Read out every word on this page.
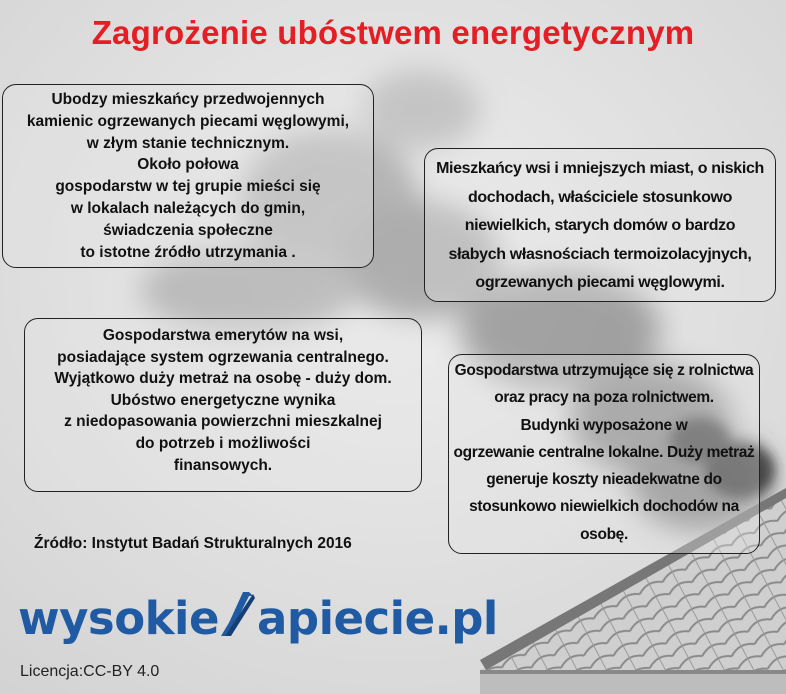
Zagrożenie ubóstwem energetycznym
Ubodzy mieszkańcy przedwojennych
kamienic ogrzewanych piecami węglowymi,
w złym stanie technicznym.
Około połowa
gospodarstw w tej grupie mieści się
w lokalach należących do gmin,
świadczenia społeczne
to istotne źródło utrzymania .
Mieszkańcy wsi i mniejszych miast, o niskich
dochodach, właściciele stosunkowo
niewielkich, starych domów o bardzo
słabych własnościach termoizolacyjnych,
ogrzewanych piecami węglowymi.
Gospodarstwa emerytów na wsi,
posiadające system ogrzewania centralnego.
Wyjątkowo duży metraż na osobę - duży dom.
Ubóstwo energetyczne wynika
z niedopasowania powierzchni mieszkalnej
do potrzeb i możliwości
finansowych.
Gospodarstwa utrzymujące się z rolnictwa
oraz pracy na poza rolnictwem.
Budynki wyposażone w
ogrzewanie centralne lokalne. Duży metraż
generuje koszty nieadekwatne do
stosunkowo niewielkich dochodów na
osobę.
Źródło: Instytut Badań Strukturalnych 2016
wysokie apiecie.pl
Licencja:CC-BY 4.0
